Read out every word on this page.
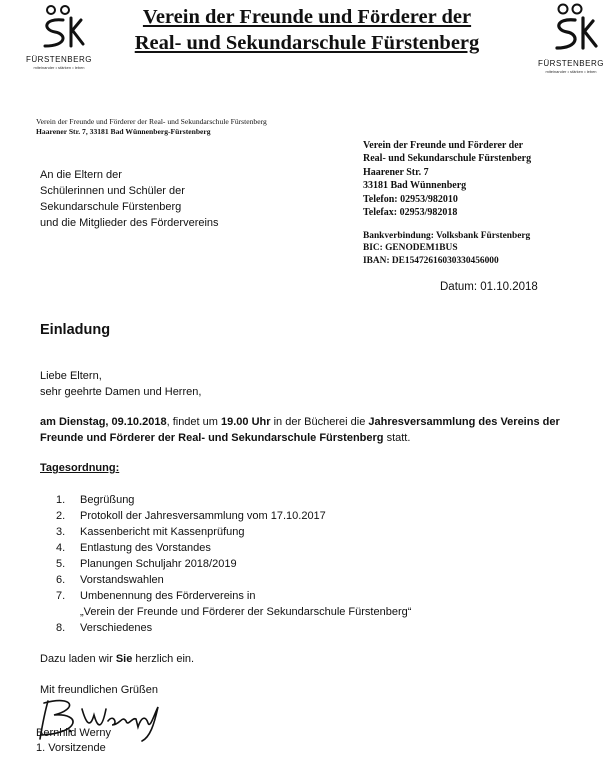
FÜRSTENBERG
miteinander • stärken • leben	FÜRSTENBERG
miteinander • stärken • leben
Verein der Freunde und Förderer der
Real- und Sekundarschule Fürstenberg
Verein der Freunde und Förderer der Real- und Sekundarschule Fürstenberg
Haarener Str. 7, 33181 Bad Wünnenberg-Fürstenberg
An die Eltern der
Schülerinnen und Schüler der
Sekundarschule Fürstenberg
und die Mitglieder des Fördervereins
Verein der Freunde und Förderer der
Real- und Sekundarschule Fürstenberg
Haarener Str. 7
33181 Bad Wünnenberg
Telefon: 02953/982010
Telefax: 02953/982018
Bankverbindung: Volksbank Fürstenberg
BIC: GENODEM1BUS
IBAN: DE15472616030330456000
Datum: 01.10.2018
Einladung
Liebe Eltern,
sehr geehrte Damen und Herren,
am Dienstag, 09.10.2018, findet um 19.00 Uhr in der Bücherei die Jahresversammlung des Vereins der Freunde und Förderer der Real- und Sekundarschule Fürstenberg statt.
Tagesordnung:
1.	Begrüßung
2.	Protokoll der Jahresversammlung vom 17.10.2017
3.	Kassenbericht mit Kassenprüfung
4.	Entlastung des Vorstandes
5.	Planungen Schuljahr 2018/2019
6.	Vorstandswahlen
7.	Umbenennung des Fördervereins in
„Verein der Freunde und Förderer der Sekundarschule Fürstenberg“
8.	Verschiedenes
Dazu laden wir Sie herzlich ein.
Mit freundlichen Grüßen
Bernhild Werny
1. Vorsitzende
